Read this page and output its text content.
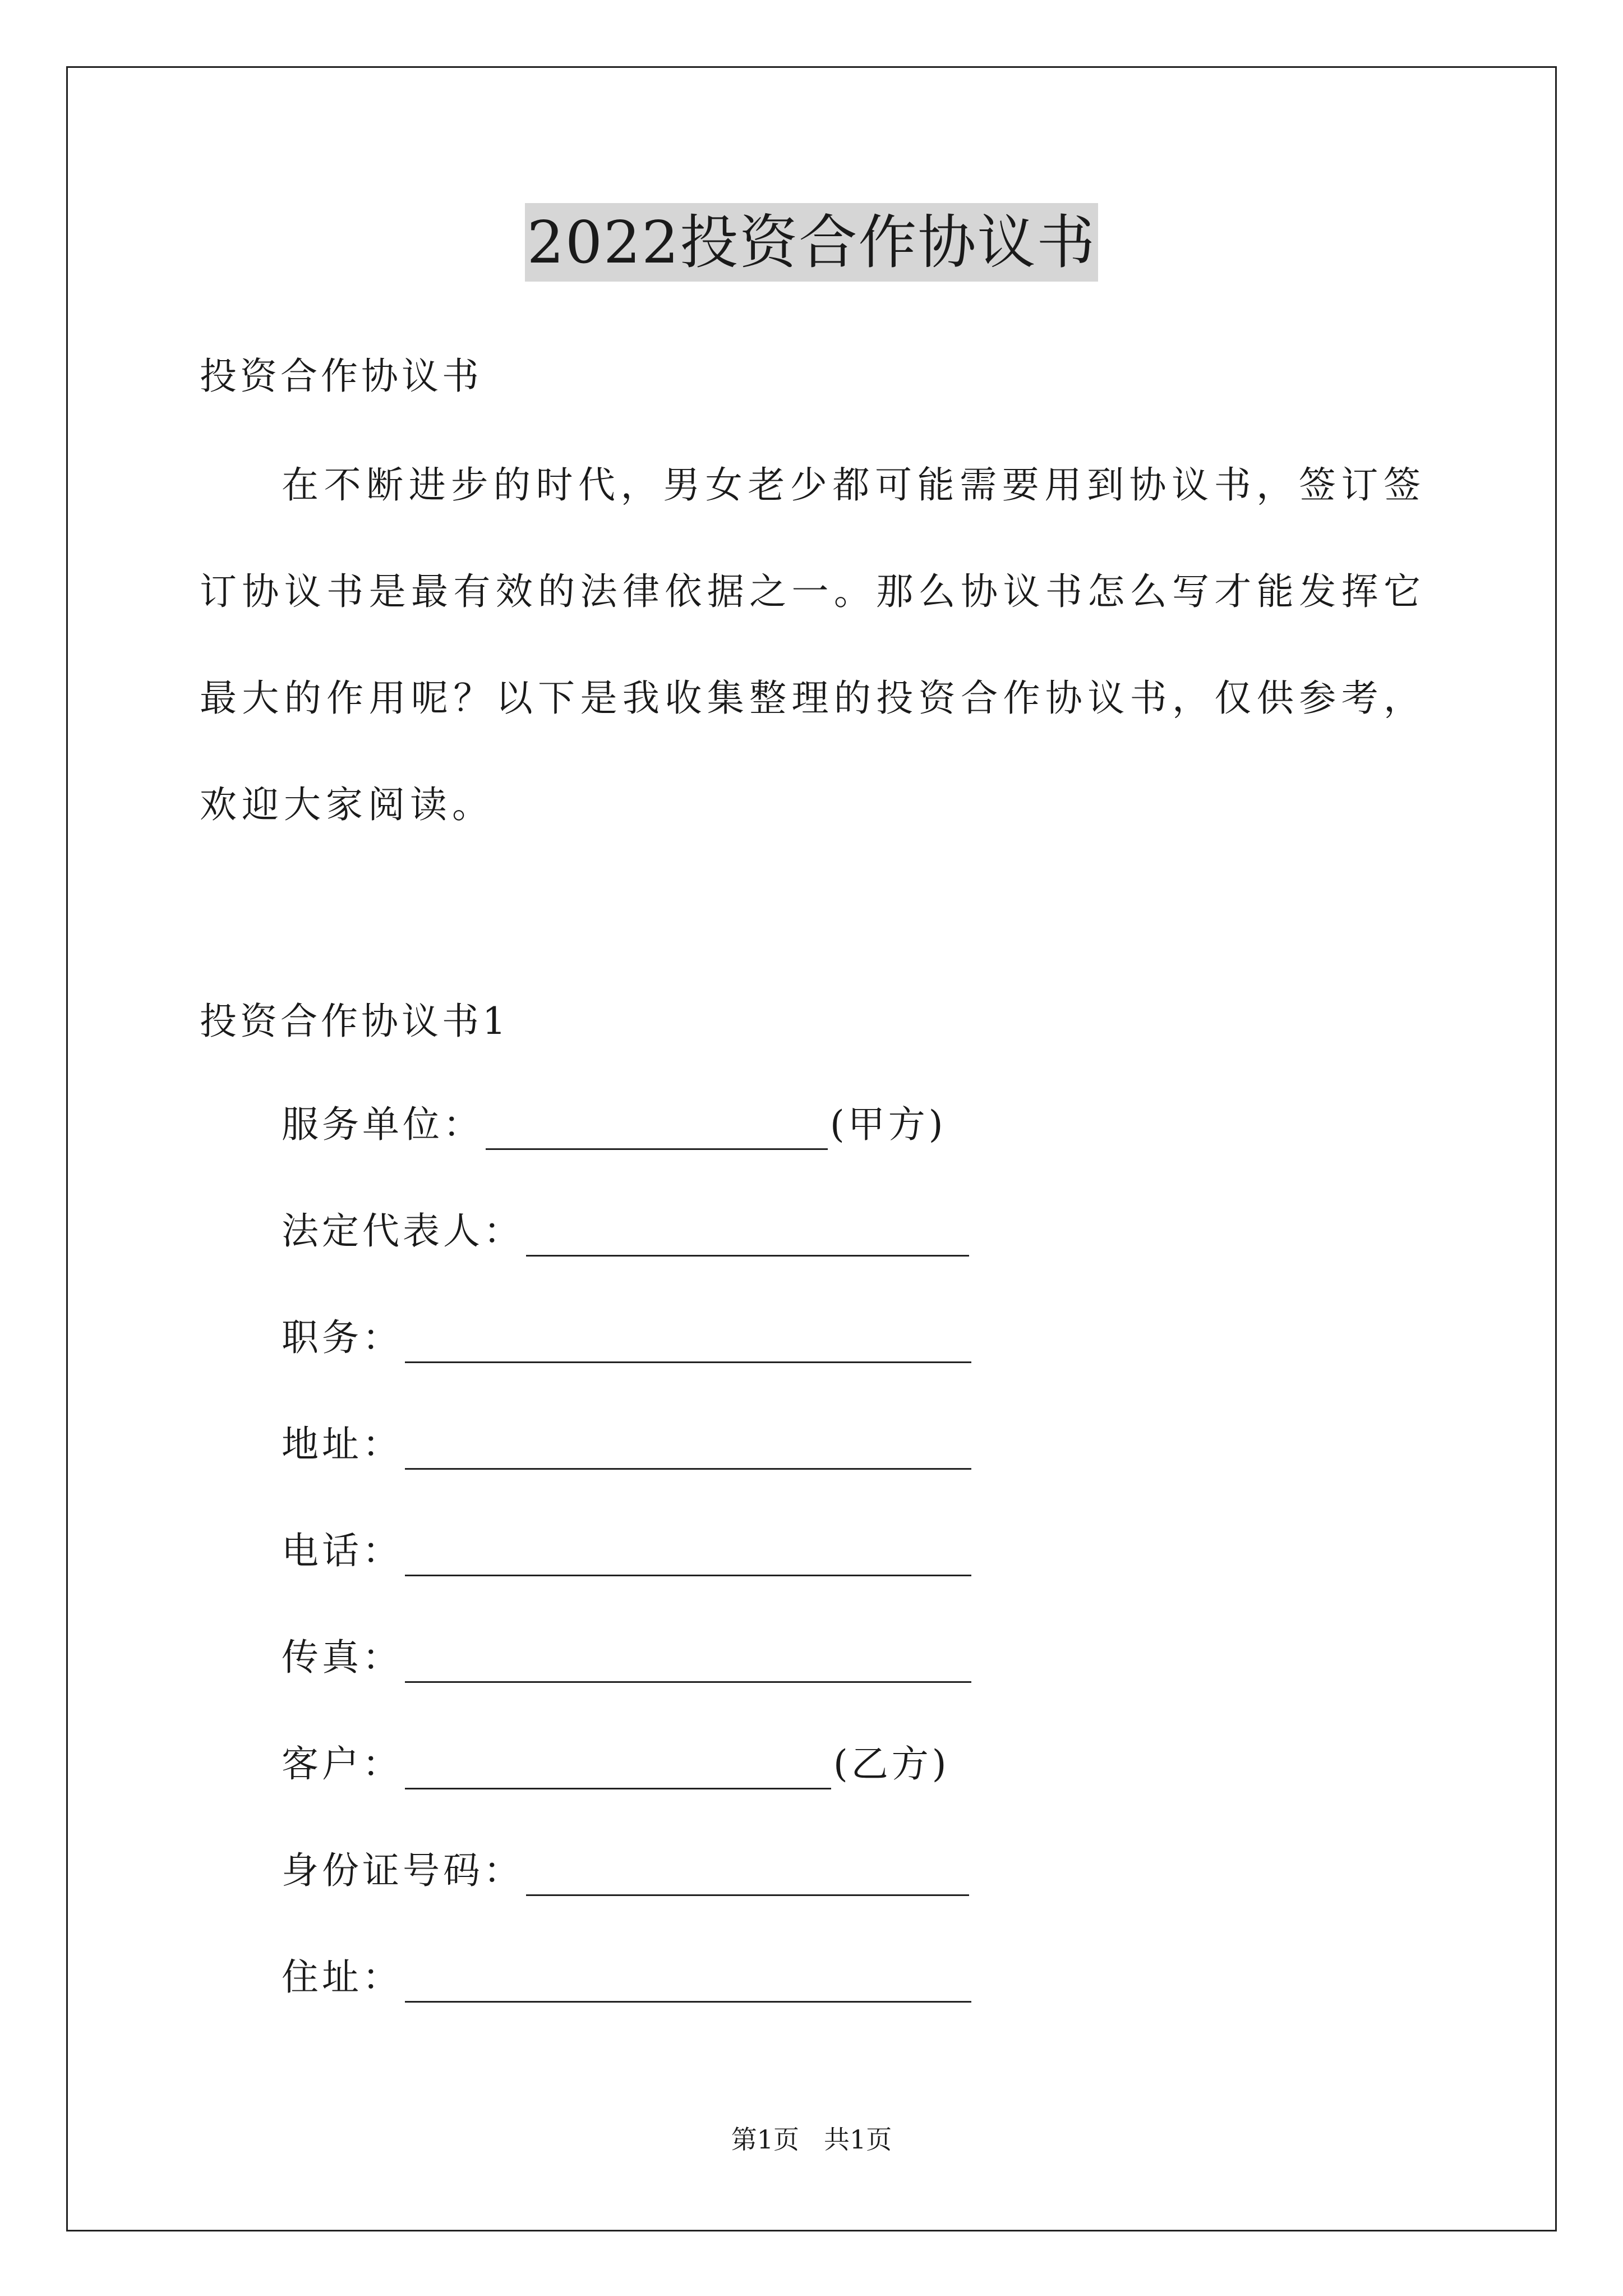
2022投资合作协议书
投资合作协议书
在不断进步的时代，男女老少都可能需要用到协议书，签订签订协议书是最有效的法律依据之一。那么协议书怎么写才能发挥它最大的作用呢？以下是我收集整理的投资合作协议书，仅供参考，欢迎大家阅读。
投资合作协议书1
服务单位：	(甲方)
法定代表人：
职务：
地址：
电话：
传真：
客户：	(乙方)
身份证号码：
住址：
第1页 共1页
